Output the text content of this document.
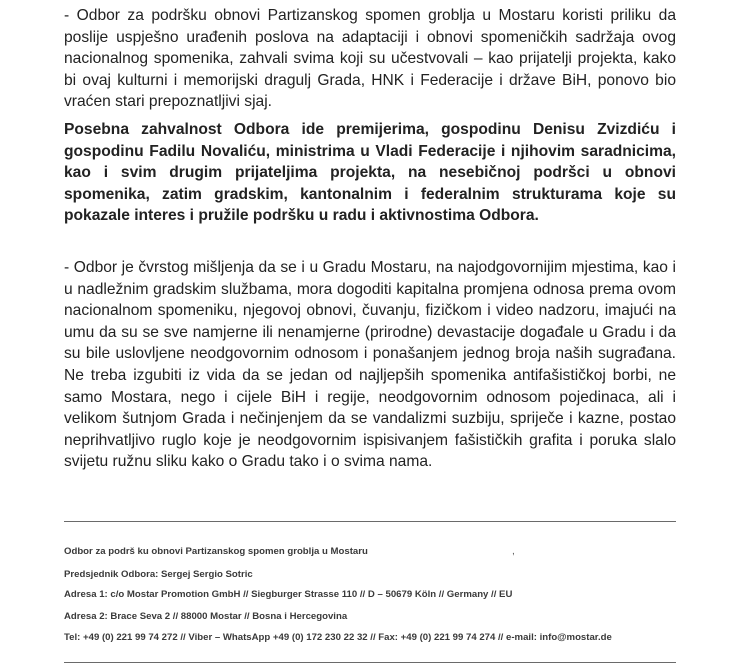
- Odbor za podršku obnovi Partizanskog spomen groblja u Mostaru koristi priliku da poslije uspješno urađenih poslova na adaptaciji i obnovi spomeničkih sadržaja ovog nacionalnog spomenika, zahvali svima koji su učestvovali – kao prijatelji projekta, kako bi ovaj kulturni i memorijski dragulj Grada, HNK i Federacije i države BiH, ponovo bio vraćen stari prepoznatljivi sjaj.

Posebna zahvalnost Odbora ide premijerima, gospodinu Denisu Zvizdiću i gospodinu Fadilu Novaliću, ministrima u Vladi Federacije i njihovim saradnicima, kao i svim drugim prijateljima projekta, na nesebičnoj podršci u obnovi spomenika, zatim gradskim, kantonalnim i federalnim strukturama koje su pokazale interes i pružile podršku u radu i aktivnostima Odbora.

- Odbor je čvrstog mišljenja da se i u Gradu Mostaru, na najodgovornijim mjestima, kao i u nadležnim gradskim službama, mora dogoditi kapitalna promjena odnosa prema ovom nacionalnom spomeniku, njegovoj obnovi, čuvanju, fizičkom i video nadzoru, imajući na umu da su se sve namjerne ili nenamjerne (prirodne) devastacije događale u Gradu i da su bile uslovljene neodgovornim odnosom i ponašanjem jednog broja naših sugrađana. Ne treba izgubiti iz vida da se jedan od najljepših spomenika antifašističkoj borbi, ne samo Mostara, nego i cijele BiH i regije, neodgovornim odnosom pojedinaca, ali i velikom šutnjom Grada i nečinjenjem da se vandalizmi suzbiju, spriječe i kazne, postao neprihvatljivo ruglo koje je neodgovornim ispisivanjem fašističkih grafita i poruka slalo svijetu ružnu sliku kako o Gradu tako i o svima nama.

Odbor za podrš ku obnovi Partizanskog spomen groblja u Mostaru	,

Predsjednik Odbora: Sergej Sergio Sotric

Adresa 1: c/o Mostar Promotion GmbH // Siegburger Strasse 110 // D – 50679 Köln // Germany // EU

Adresa 2: Brace Seva 2 // 88000 Mostar // Bosna i Hercegovina

Tel: +49 (0) 221 99 74 272 // Viber – WhatsApp +49 (0) 172 230 22 32 // Fax: +49 (0) 221 99 74 274 // e-mail: info@mostar.de
